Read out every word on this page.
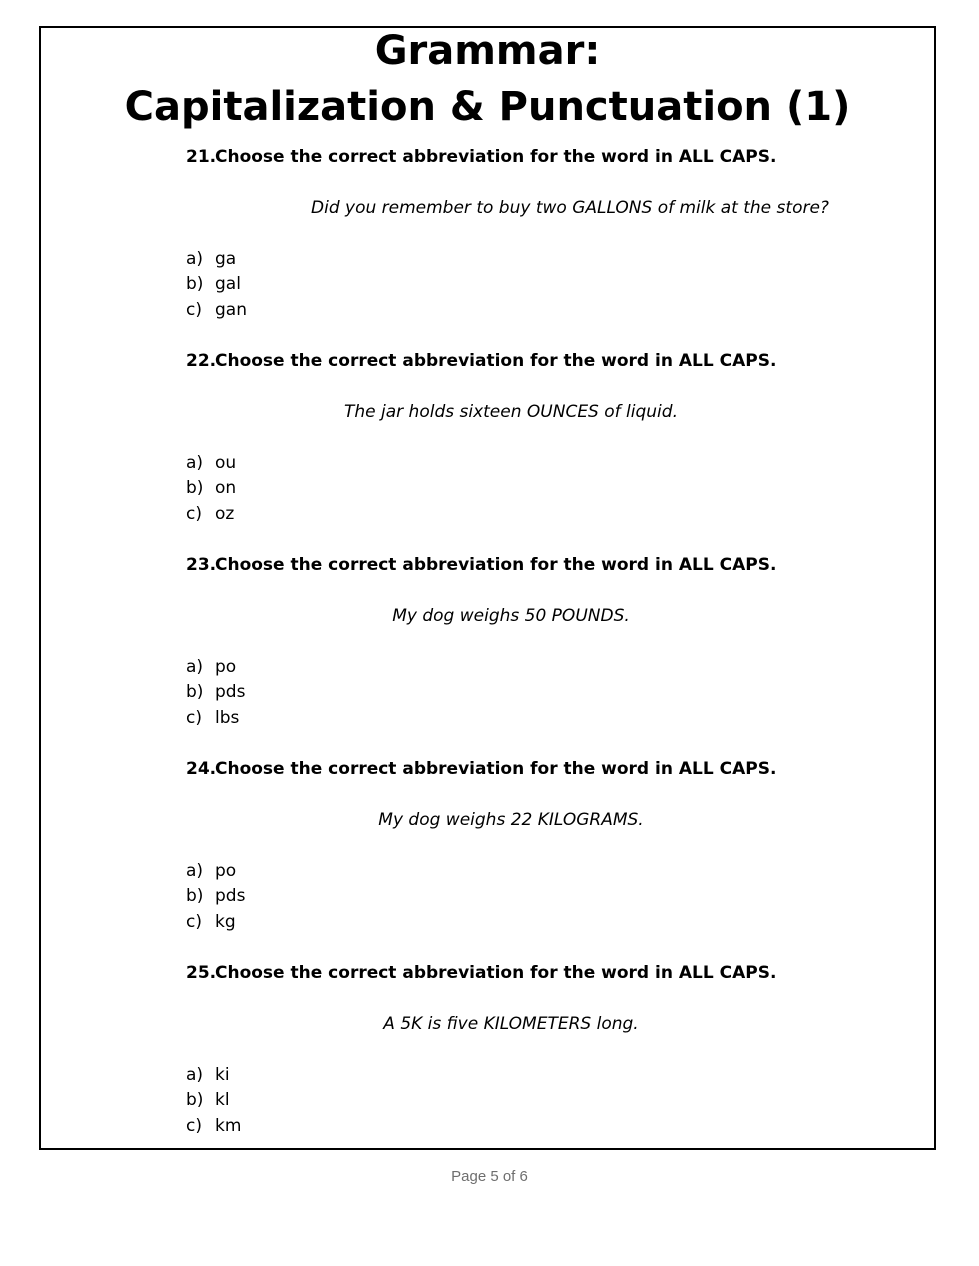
Grammar:
Capitalization & Punctuation (1)
21.
Choose the correct abbreviation for the word in ALL CAPS.
Did you remember to buy two GALLONS of milk at the store?
a) ga
b) gal
c) gan
22.
Choose the correct abbreviation for the word in ALL CAPS.
The jar holds sixteen OUNCES of liquid.
a) ou
b) on
c) oz
23.
Choose the correct abbreviation for the word in ALL CAPS.
My dog weighs 50 POUNDS.
a) po
b) pds
c) lbs
24.
Choose the correct abbreviation for the word in ALL CAPS.
My dog weighs 22 KILOGRAMS.
a) po
b) pds
c) kg
25.
Choose the correct abbreviation for the word in ALL CAPS.
A 5K is five KILOMETERS long.
a) ki
b) kl
c) km
Page 5 of 6
